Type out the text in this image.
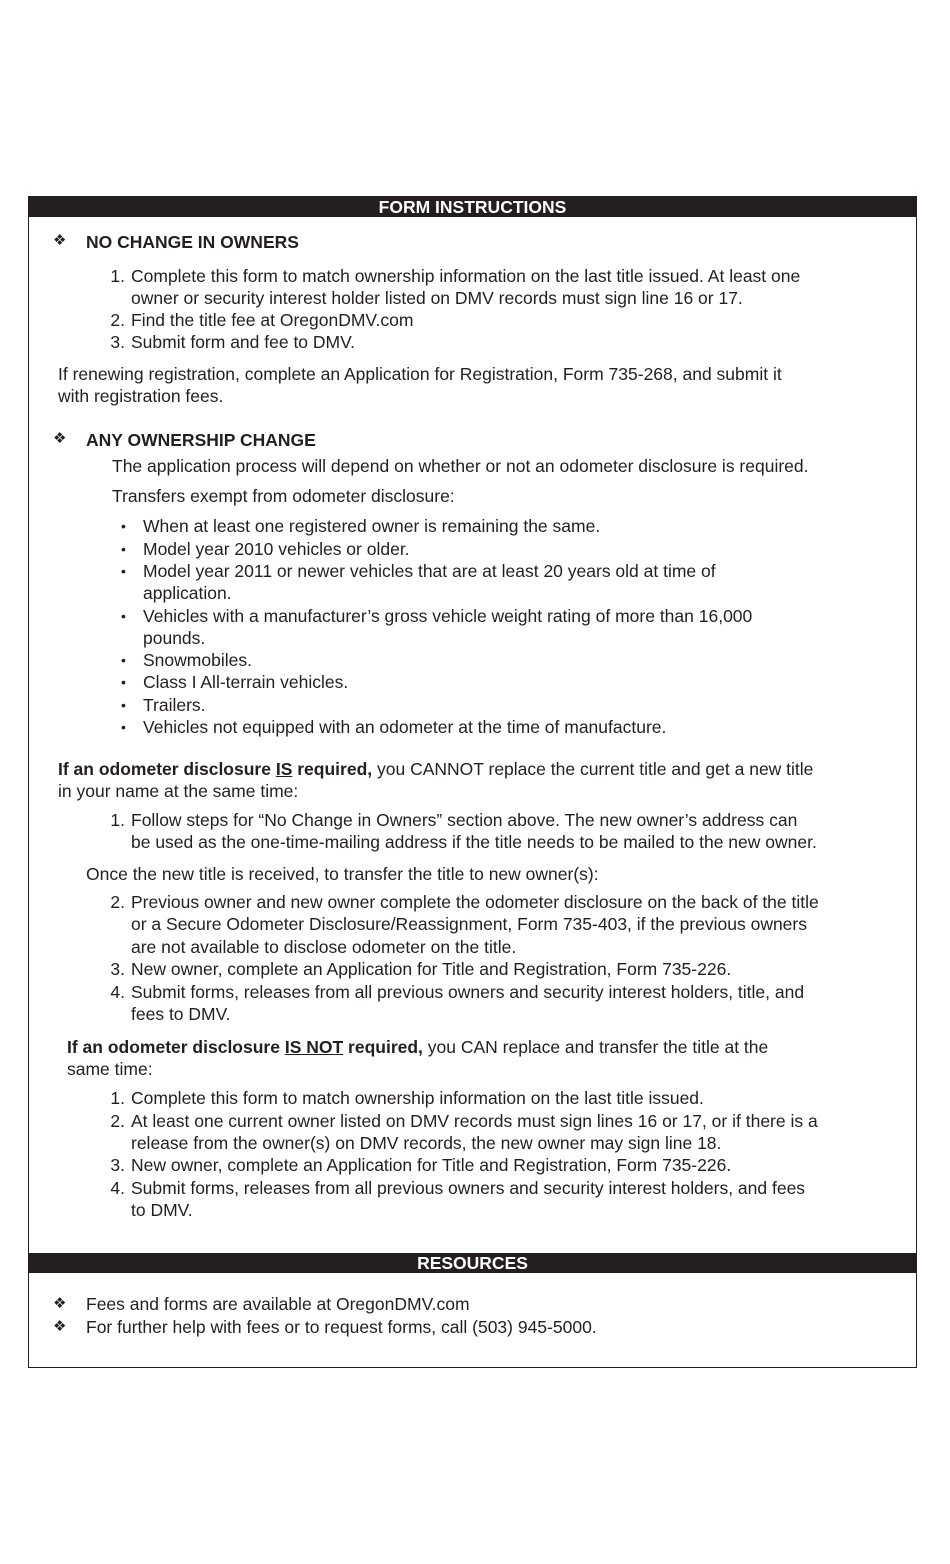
FORM INSTRUCTIONS
❖ NO CHANGE IN OWNERS
1. Complete this form to match ownership information on the last title issued. At least one
owner or security interest holder listed on DMV records must sign line 16 or 17.
2. Find the title fee at OregonDMV.com
3. Submit form and fee to DMV.
If renewing registration, complete an Application for Registration, Form 735-268, and submit it
with registration fees.
❖ ANY OWNERSHIP CHANGE
The application process will depend on whether or not an odometer disclosure is required.
Transfers exempt from odometer disclosure:
• When at least one registered owner is remaining the same.
• Model year 2010 vehicles or older.
• Model year 2011 or newer vehicles that are at least 20 years old at time of
application.
• Vehicles with a manufacturer’s gross vehicle weight rating of more than 16,000
pounds.
• Snowmobiles.
• Class I All-terrain vehicles.
• Trailers.
• Vehicles not equipped with an odometer at the time of manufacture.
If an odometer disclosure IS required, you CANNOT replace the current title and get a new title
in your name at the same time:
1. Follow steps for “No Change in Owners” section above. The new owner’s address can
be used as the one-time-mailing address if the title needs to be mailed to the new owner.
Once the new title is received, to transfer the title to new owner(s):
2. Previous owner and new owner complete the odometer disclosure on the back of the title
or a Secure Odometer Disclosure/Reassignment, Form 735-403, if the previous owners
are not available to disclose odometer on the title.
3. New owner, complete an Application for Title and Registration, Form 735-226.
4. Submit forms, releases from all previous owners and security interest holders, title, and
fees to DMV.
If an odometer disclosure IS NOT required, you CAN replace and transfer the title at the
same time:
1. Complete this form to match ownership information on the last title issued.
2. At least one current owner listed on DMV records must sign lines 16 or 17, or if there is a
release from the owner(s) on DMV records, the new owner may sign line 18.
3. New owner, complete an Application for Title and Registration, Form 735-226.
4. Submit forms, releases from all previous owners and security interest holders, and fees
to DMV.
RESOURCES
❖ Fees and forms are available at OregonDMV.com
❖ For further help with fees or to request forms, call (503) 945-5000.
